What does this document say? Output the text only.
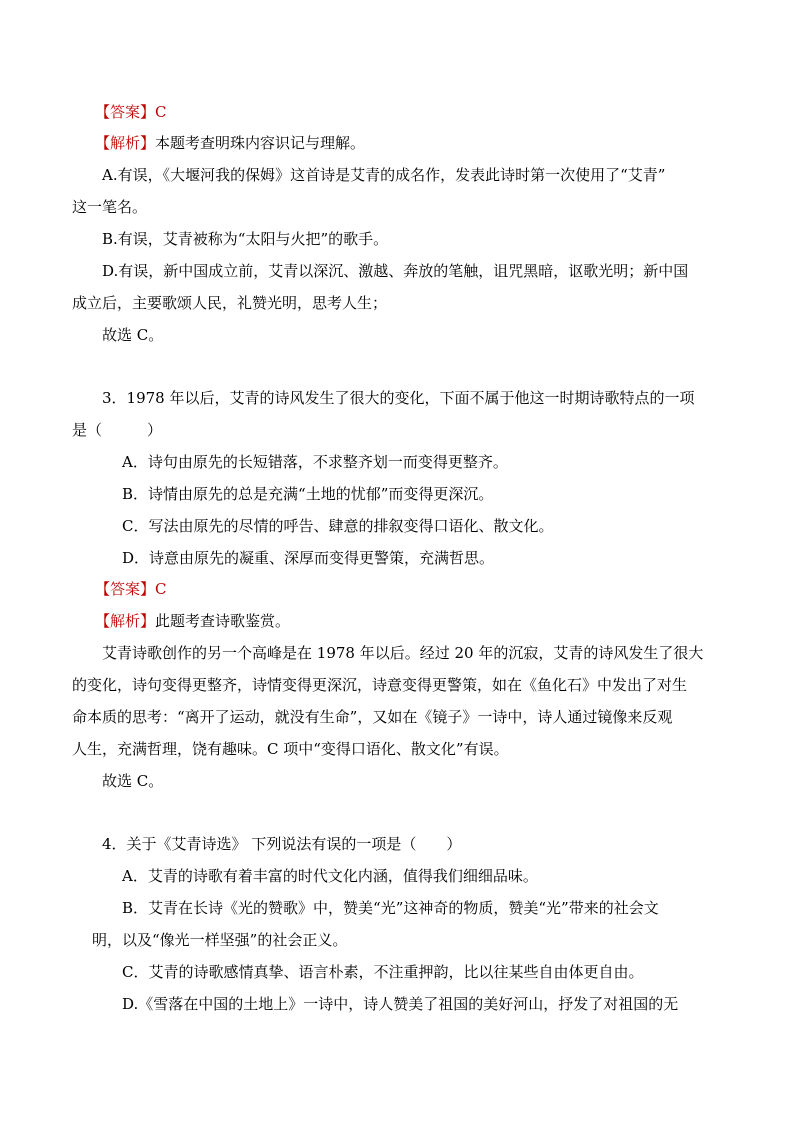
【答案】C
【解析】本题考查明珠内容识记与理解。
A.有误，《大堰河我的保姆》这首诗是艾青的成名作，发表此诗时第一次使用了“艾青”
这一笔名。
B.有误，艾青被称为“太阳与火把”的歌手。
D.有误，新中国成立前，艾青以深沉、激越、奔放的笔触，诅咒黑暗，讴歌光明；新中国
成立后，主要歌颂人民，礼赞光明，思考人生；
故选 C。
3．1978 年以后，艾青的诗风发生了很大的变化，下面不属于他这一时期诗歌特点的一项
是（　　　）
A．诗句由原先的长短错落，不求整齐划一而变得更整齐。
B．诗情由原先的总是充满“土地的忧郁”而变得更深沉。
C．写法由原先的尽情的呼告、肆意的排叙变得口语化、散文化。
D．诗意由原先的凝重、深厚而变得更警策，充满哲思。
【答案】C
【解析】此题考查诗歌鉴赏。
艾青诗歌创作的另一个高峰是在 1978 年以后。经过 20 年的沉寂，艾青的诗风发生了很大
的变化，诗句变得更整齐，诗情变得更深沉，诗意变得更警策，如在《鱼化石》中发出了对生
命本质的思考：“离开了运动，就没有生命”，又如在《镜子》一诗中，诗人通过镜像来反观
人生，充满哲理，饶有趣味。C 项中“变得口语化、散文化”有误。
故选 C。
4．关于《艾青诗选》 下列说法有误的一项是（　　）
A．艾青的诗歌有着丰富的时代文化内涵，值得我们细细品味。
B．艾青在长诗《光的赞歌》中，赞美“光”这神奇的物质，赞美“光”带来的社会文
明，以及“像光一样坚强”的社会正义。
C．艾青的诗歌感情真挚、语言朴素，不注重押韵，比以往某些自由体更自由。
D.《雪落在中国的土地上》一诗中，诗人赞美了祖国的美好河山，抒发了对祖国的无
